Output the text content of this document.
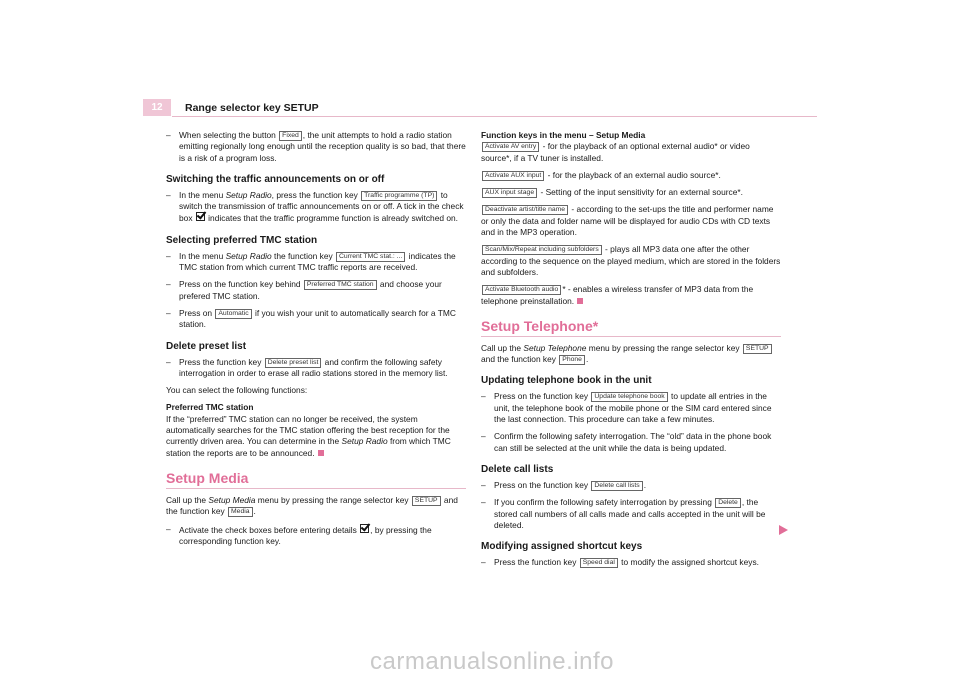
12	Range selector key SETUP
– When selecting the button Fixed , the unit attempts to hold a radio station emitting regionally long enough until the reception quality is so bad, that there is a risk of a program loss.
Switching the traffic announcements on or off
– In the menu Setup Radio, press the function key Traffic programme (TP) to switch the transmission of traffic announcements on or off. A tick in the check box  indicates that the traffic programme function is already switched on.
Selecting preferred TMC station
– In the menu Setup Radio the function key Current TMC stat.: ... indicates the TMC station from which current TMC traffic reports are received.
– Press on the function key behind Preferred TMC station and choose your prefered TMC station.
– Press on Automatic if you wish your unit to automatically search for a TMC station.
Delete preset list
– Press the function key Delete preset list and confirm the following safety interrogation in order to erase all radio stations stored in the memory list.

You can select the following functions:

Preferred TMC station

If the “preferred” TMC station can no longer be received, the system automatically searches for the TMC station offering the best reception for the currently driven area. You can determine in the Setup Radio from which TMC station the reports are to be announced.

Setup Media

Call up the Setup Media menu by pressing the range selector key SETUP and the function key Media .

– Activate the check boxes before entering details , by pressing the corresponding function key.
Function keys in the menu – Setup Media

Activate AV entry - for the playback of an optional external audio* or video source*, if a TV tuner is installed.

Activate AUX input - for the playback of an external audio source*.

AUX input stage - Setting of the input sensitivity for an external source*.

Deactivate artist/title name - according to the set-ups the title and performer name or only the data and folder name will be displayed for audio CDs with CD texts and in the MP3 operation.

Scan/Mix/Repeat including subfolders - plays all MP3 data one after the other according to the sequence on the played medium, which are stored in the folders and subfolders.

Activate Bluetooth audio * - enables a wireless transfer of MP3 data from the telephone preinstallation.

Setup Telephone*

Call up the Setup Telephone menu by pressing the range selector key SETUP and the function key Phone .

Updating telephone book in the unit
– Press on the function key Update telephone book to update all entries in the unit, the telephone book of the mobile phone or the SIM card entered since the last connection. This procedure can take a few minutes.
– Confirm the following safety interrogation. The “old” data in the phone book can still be selected at the unit while the data is being updated.
Delete call lists
– Press on the function key Delete call lists .
– If you confirm the following safety interrogation by pressing Delete , the stored call numbers of all calls made and calls accepted in the unit will be deleted.
Modifying assigned shortcut keys
– Press the function key Speed dial to modify the assigned shortcut keys.
carmanualsonline.info
